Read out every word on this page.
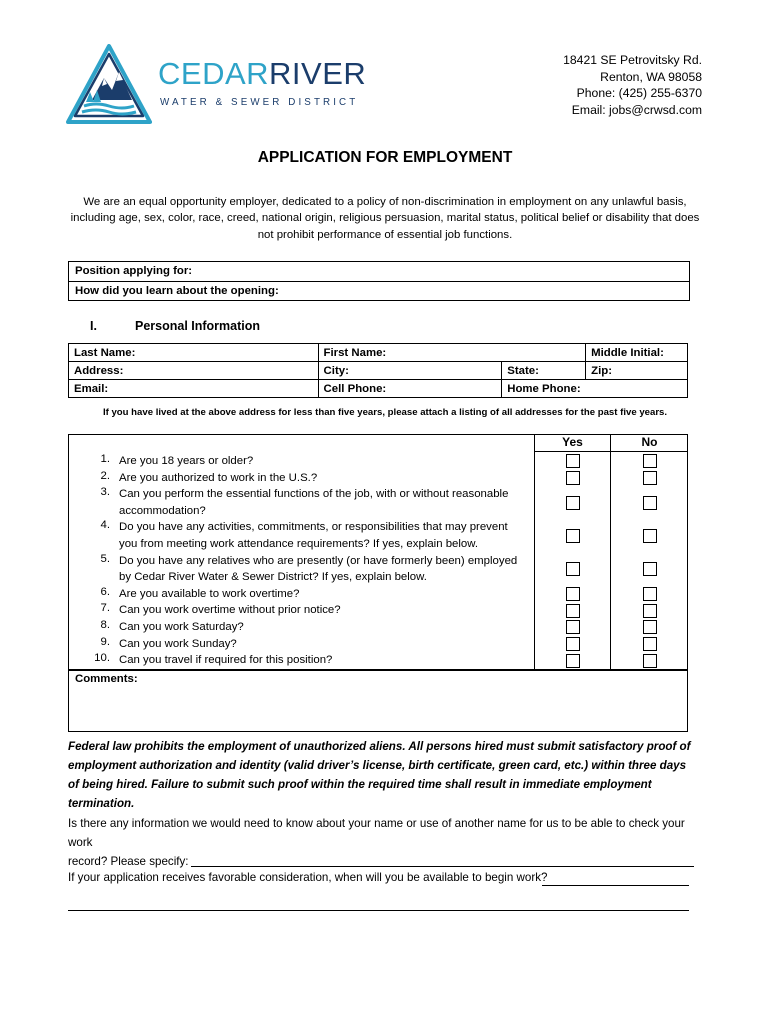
CEDARRIVER
WATER & SEWER DISTRICT
18421 SE Petrovitsky Rd.
Renton, WA 98058
Phone: (425) 255-6370
Email: jobs@crwsd.com
APPLICATION FOR EMPLOYMENT
We are an equal opportunity employer, dedicated to a policy of non-discrimination in employment on any unlawful basis, including age, sex, color, race, creed, national origin, religious persuasion, marital status, political belief or disability that does not prohibit performance of essential job functions.
Position applying for:
How did you learn about the opening:
I.	Personal Information
Last Name:	First Name:		Middle Initial:
Address:	City:	State:	Zip:
Email:	Cell Phone:	Home Phone:	
If you have lived at the above address for less than five years, please attach a listing of all addresses for the past five years.
Yes	No
1. Are you 18 years or older?
2. Are you authorized to work in the U.S.?
3. Can you perform the essential functions of the job, with or without reasonable
accommodation?
4. Do you have any activities, commitments, or responsibilities that may prevent
you from meeting work attendance requirements? If yes, explain below.
5. Do you have any relatives who are presently (or have formerly been) employed
by Cedar River Water & Sewer District? If yes, explain below.
6. Are you available to work overtime?
7. Can you work overtime without prior notice?
8. Can you work Saturday?
9. Can you work Sunday?
10. Can you travel if required for this position?
Comments:
Federal law prohibits the employment of unauthorized aliens. All persons hired must submit satisfactory proof of employment authorization and identity (valid driver’s license, birth certificate, green card, etc.) within three days of being hired. Failure to submit such proof within the required time shall result in immediate employment termination.
Is there any information we would need to know about your name or use of another name for us to be able to check your work
record? Please specify:
If your application receives favorable consideration, when will you be available to begin work?
